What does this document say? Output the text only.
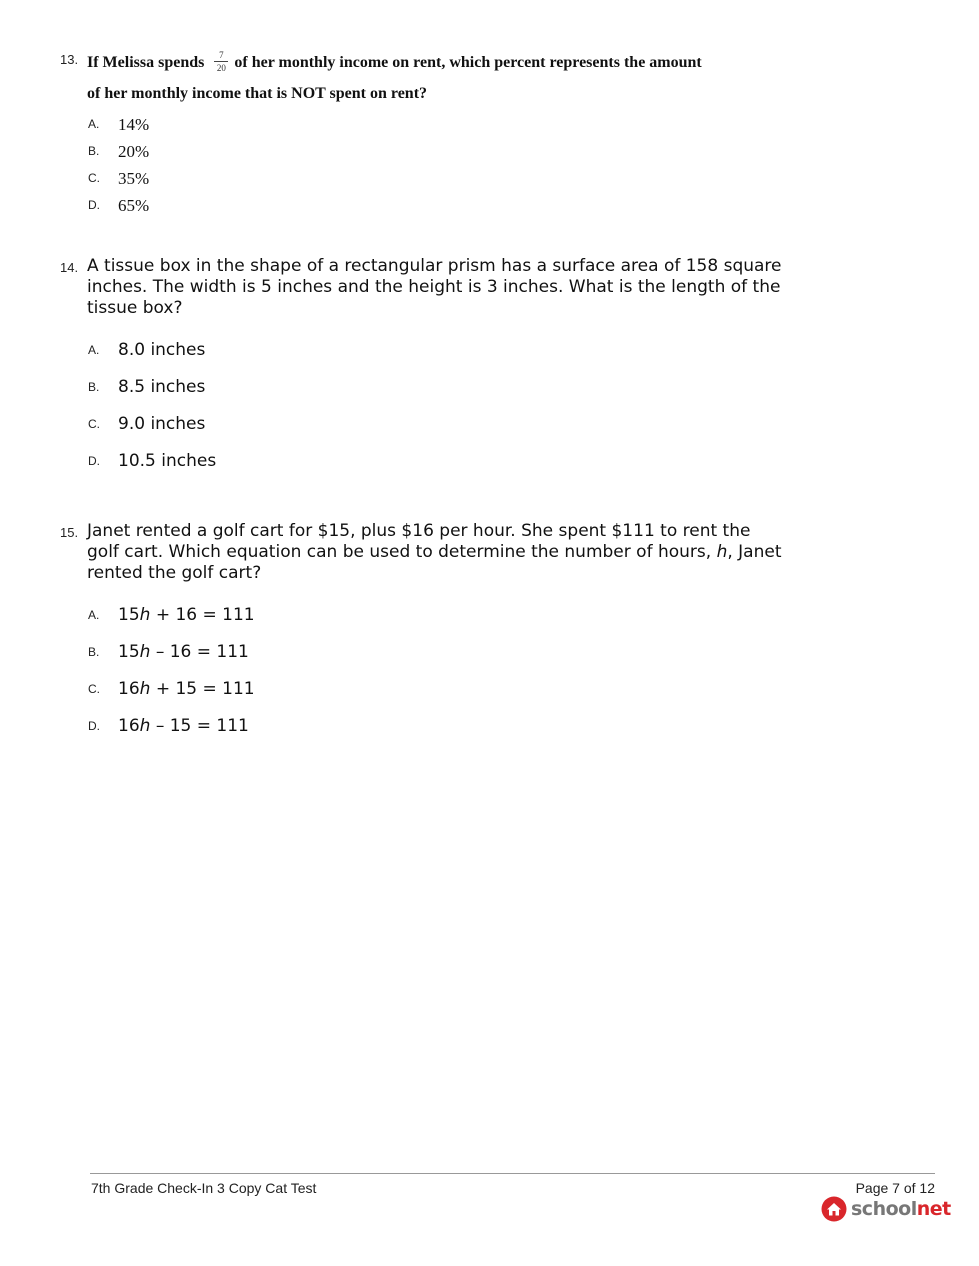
13. If Melissa spends $\frac{7}{20}$ of her monthly income on rent, which percent represents the amount
of her monthly income that is NOT spent on rent?
A. 14%
B. 20%
C. 35%
D. 65%
14. A tissue box in the shape of a rectangular prism has a surface area of 158 square inches. The width is 5 inches and the height is 3 inches. What is the length of the tissue box?
A. 8.0 inches
B. 8.5 inches
C. 9.0 inches
D. 10.5 inches
15. Janet rented a golf cart for $15, plus $16 per hour. She spent $111 to rent the golf cart. Which equation can be used to determine the number of hours, h, Janet rented the golf cart?
A. 15h + 16 = 111
B. 15h – 16 = 111
C. 16h + 15 = 111
D. 16h – 15 = 111
7th Grade Check-In 3 Copy Cat Test	Page 7 of 12
schoolnet
